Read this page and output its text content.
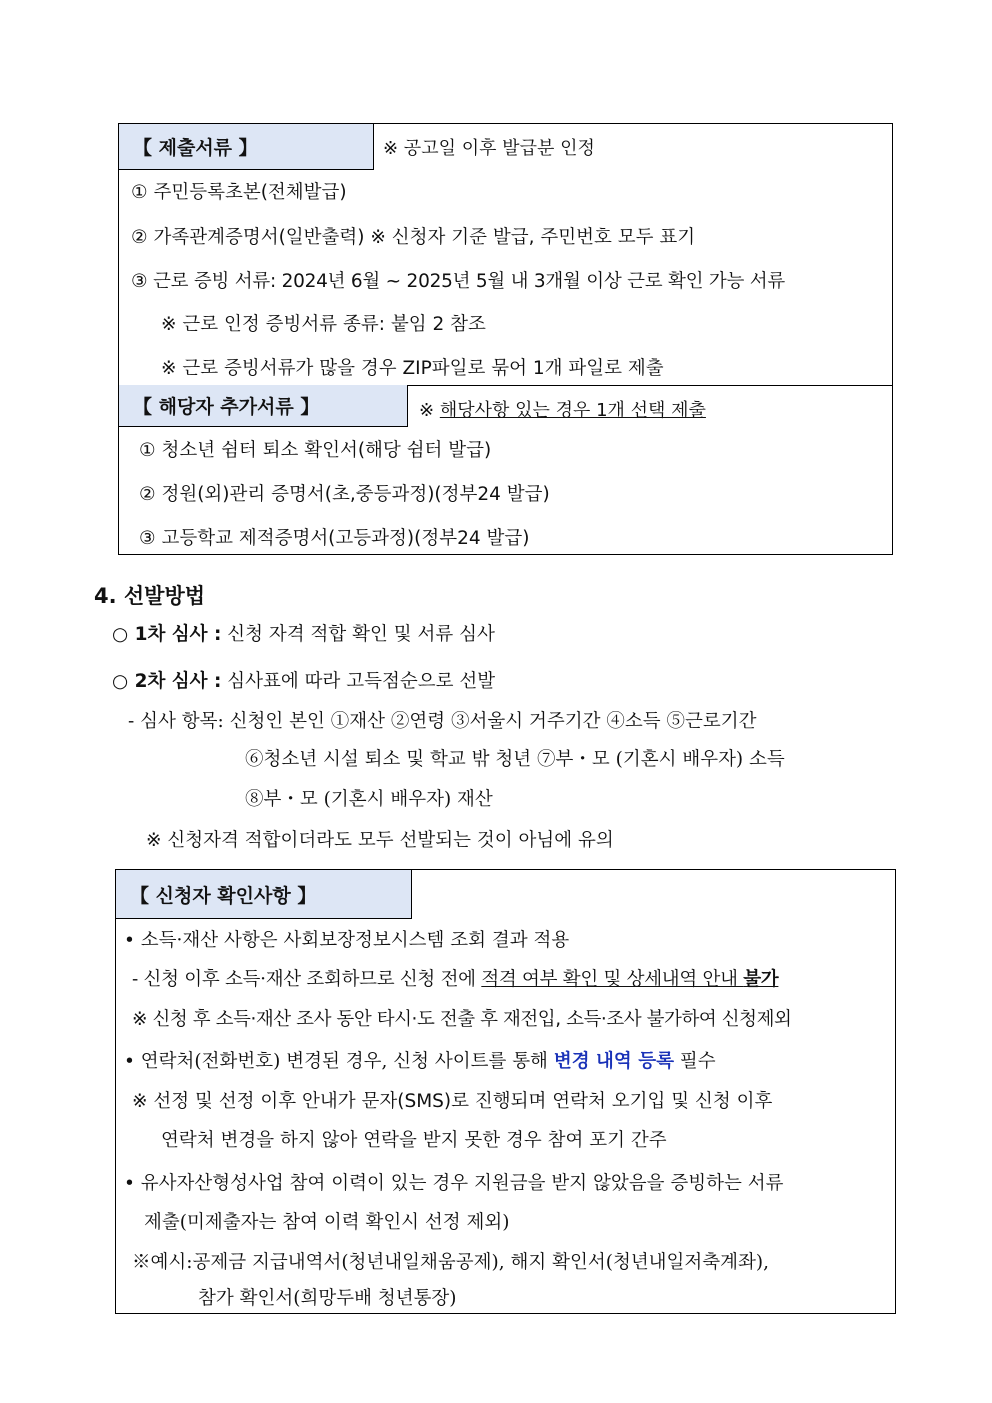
【 제출서류 】	※ 공고일 이후 발급분 인정
① 주민등록초본(전체발급)
② 가족관계증명서(일반출력) ※ 신청자 기준 발급, 주민번호 모두 표기
③ 근로 증빙 서류: 2024년 6월 ~ 2025년 5월 내 3개월 이상 근로 확인 가능 서류
※ 근로 인정 증빙서류 종류: 붙임 2 참조
※ 근로 증빙서류가 많을 경우 ZIP파일로 묶어 1개 파일로 제출
【 해당자 추가서류 】	※ 해당사항 있는 경우 1개 선택 제출
① 청소년 쉼터 퇴소 확인서(해당 쉼터 발급)
② 정원(외)관리 증명서(초,중등과정)(정부24 발급)
③ 고등학교 제적증명서(고등과정)(정부24 발급)
4. 선발방법
○ 1차 심사 : 신청 자격 적합 확인 및 서류 심사
○ 2차 심사 : 심사표에 따라 고득점순으로 선발
- 심사 항목: 신청인 본인 ①재산 ②연령 ③서울시 거주기간 ④소득 ⑤근로기간
⑥청소년 시설 퇴소 및 학교 밖 청년 ⑦부・모 (기혼시 배우자) 소득
⑧부・모 (기혼시 배우자) 재산
※ 신청자격 적합이더라도 모두 선발되는 것이 아님에 유의
【 신청자 확인사항 】
• 소득·재산 사항은 사회보장정보시스템 조회 결과 적용
- 신청 이후 소득·재산 조회하므로 신청 전에 적격 여부 확인 및 상세내역 안내 불가
※ 신청 후 소득·재산 조사 동안 타시·도 전출 후 재전입, 소득·조사 불가하여 신청제외
• 연락처(전화번호) 변경된 경우, 신청 사이트를 통해 변경 내역 등록 필수
※ 선정 및 선정 이후 안내가 문자(SMS)로 진행되며 연락처 오기입 및 신청 이후
연락처 변경을 하지 않아 연락을 받지 못한 경우 참여 포기 간주
• 유사자산형성사업 참여 이력이 있는 경우 지원금을 받지 않았음을 증빙하는 서류
제출(미제출자는 참여 이력 확인시 선정 제외)
※예시:공제금 지급내역서(청년내일채움공제), 해지 확인서(청년내일저축계좌),
참가 확인서(희망두배 청년통장)
